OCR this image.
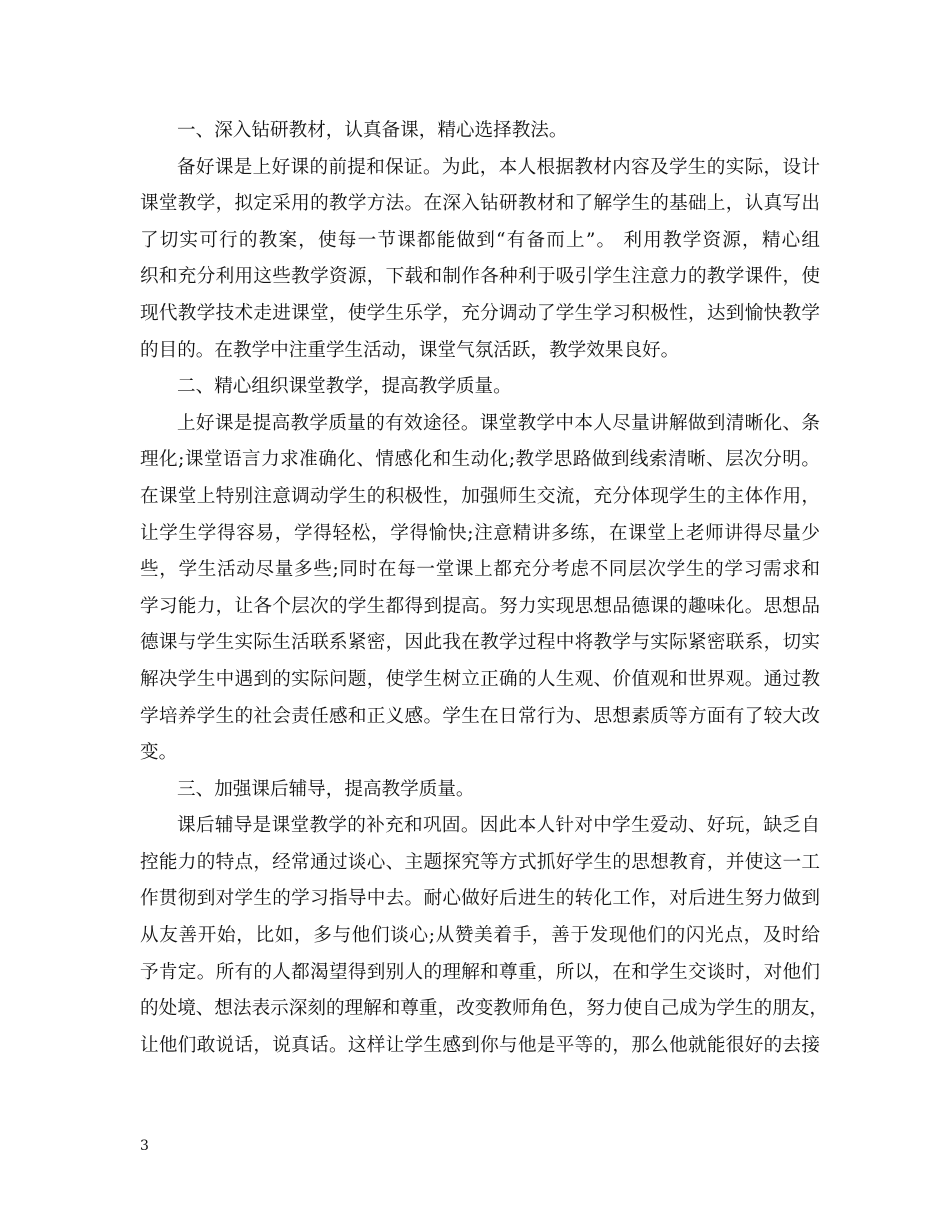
一、深入钻研教材，认真备课，精心选择教法。
备好课是上好课的前提和保证。为此，本人根据教材内容及学生的实际，设计
课堂教学，拟定采用的教学方法。在深入钻研教材和了解学生的基础上，认真写出
了切实可行的教案，使每一节课都能做到“有备而上”。 利用教学资源，精心组
织和充分利用这些教学资源，下载和制作各种利于吸引学生注意力的教学课件，使
现代教学技术走进课堂，使学生乐学，充分调动了学生学习积极性，达到愉快教学
的目的。在教学中注重学生活动，课堂气氛活跃，教学效果良好。
二、精心组织课堂教学，提高教学质量。
上好课是提高教学质量的有效途径。课堂教学中本人尽量讲解做到清晰化、条
理化;课堂语言力求准确化、情感化和生动化;教学思路做到线索清晰、层次分明。
在课堂上特别注意调动学生的积极性，加强师生交流，充分体现学生的主体作用，
让学生学得容易，学得轻松，学得愉快;注意精讲多练，在课堂上老师讲得尽量少
些，学生活动尽量多些;同时在每一堂课上都充分考虑不同层次学生的学习需求和
学习能力，让各个层次的学生都得到提高。努力实现思想品德课的趣味化。思想品
德课与学生实际生活联系紧密，因此我在教学过程中将教学与实际紧密联系，切实
解决学生中遇到的实际问题，使学生树立正确的人生观、价值观和世界观。通过教
学培养学生的社会责任感和正义感。学生在日常行为、思想素质等方面有了较大改
变。
三、加强课后辅导，提高教学质量。
课后辅导是课堂教学的补充和巩固。因此本人针对中学生爱动、好玩，缺乏自
控能力的特点，经常通过谈心、主题探究等方式抓好学生的思想教育，并使这一工
作贯彻到对学生的学习指导中去。耐心做好后进生的转化工作，对后进生努力做到
从友善开始，比如，多与他们谈心;从赞美着手，善于发现他们的闪光点，及时给
予肯定。所有的人都渴望得到别人的理解和尊重，所以，在和学生交谈时，对他们
的处境、想法表示深刻的理解和尊重，改变教师角色，努力使自己成为学生的朋友，
让他们敢说话，说真话。这样让学生感到你与他是平等的，那么他就能很好的去接
3
